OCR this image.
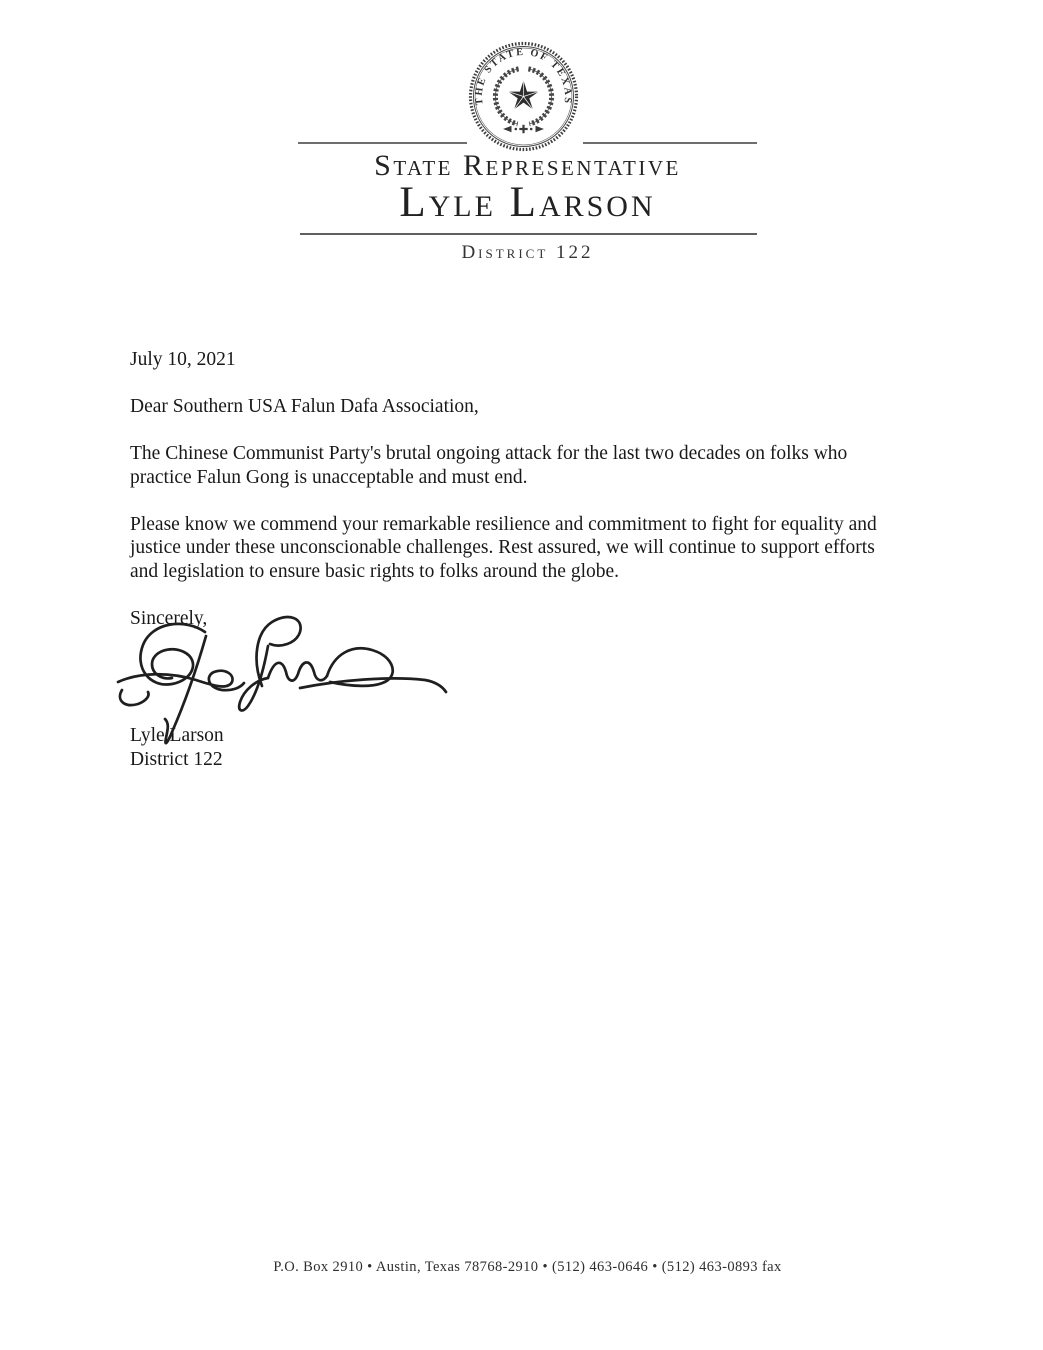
THE STATE OF TEXAS
State Representative
Lyle Larson
District 122
July 10, 2021
Dear Southern USA Falun Dafa Association,
The Chinese Communist Party's brutal ongoing attack for the last two decades on folks who
practice Falun Gong is unacceptable and must end.
Please know we commend your remarkable resilience and commitment to fight for equality and
justice under these unconscionable challenges. Rest assured, we will continue to support efforts
and legislation to ensure basic rights to folks around the globe.
Sincerely,
Lyle Larson
District 122
P.O. Box 2910 • Austin, Texas 78768-2910 • (512) 463-0646 • (512) 463-0893 fax
